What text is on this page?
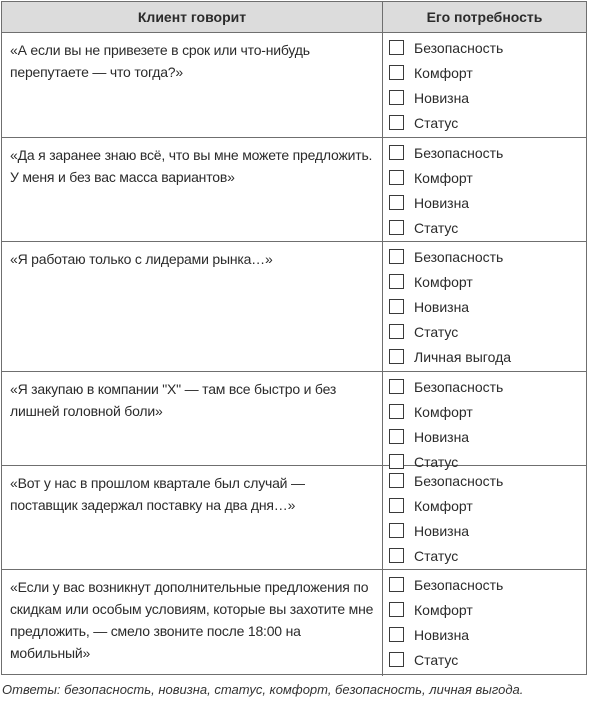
Клиент говорит	Его потребность
«А если вы не привезете в срок или что-нибудь перепутаете — что тогда?»
Безопасность
Комфорт
Новизна
Статус
«Да я заранее знаю всё, что вы мне можете предложить. У меня и без вас масса вариантов»
Безопасность
Комфорт
Новизна
Статус
«Я работаю только с лидерами рынка…»	Безопасность
Комфорт
Новизна
Статус
Личная выгода
«Я закупаю в компании "Х" — там все быстро и без лишней головной боли»
Безопасность
Комфорт
Новизна
Статус
«Вот у нас в прошлом квартале был случай — поставщик задержал поставку на два дня…»
Безопасность
Комфорт
Новизна
Статус
«Если у вас возникнут дополнительные предложения по скидкам или особым условиям, которые вы захотите мне предложить, — смело звоните после 18:00 на мобильный»
Безопасность
Комфорт
Новизна
Статус
Ответы: безопасность, новизна, статус, комфорт, безопасность, личная выгода.
